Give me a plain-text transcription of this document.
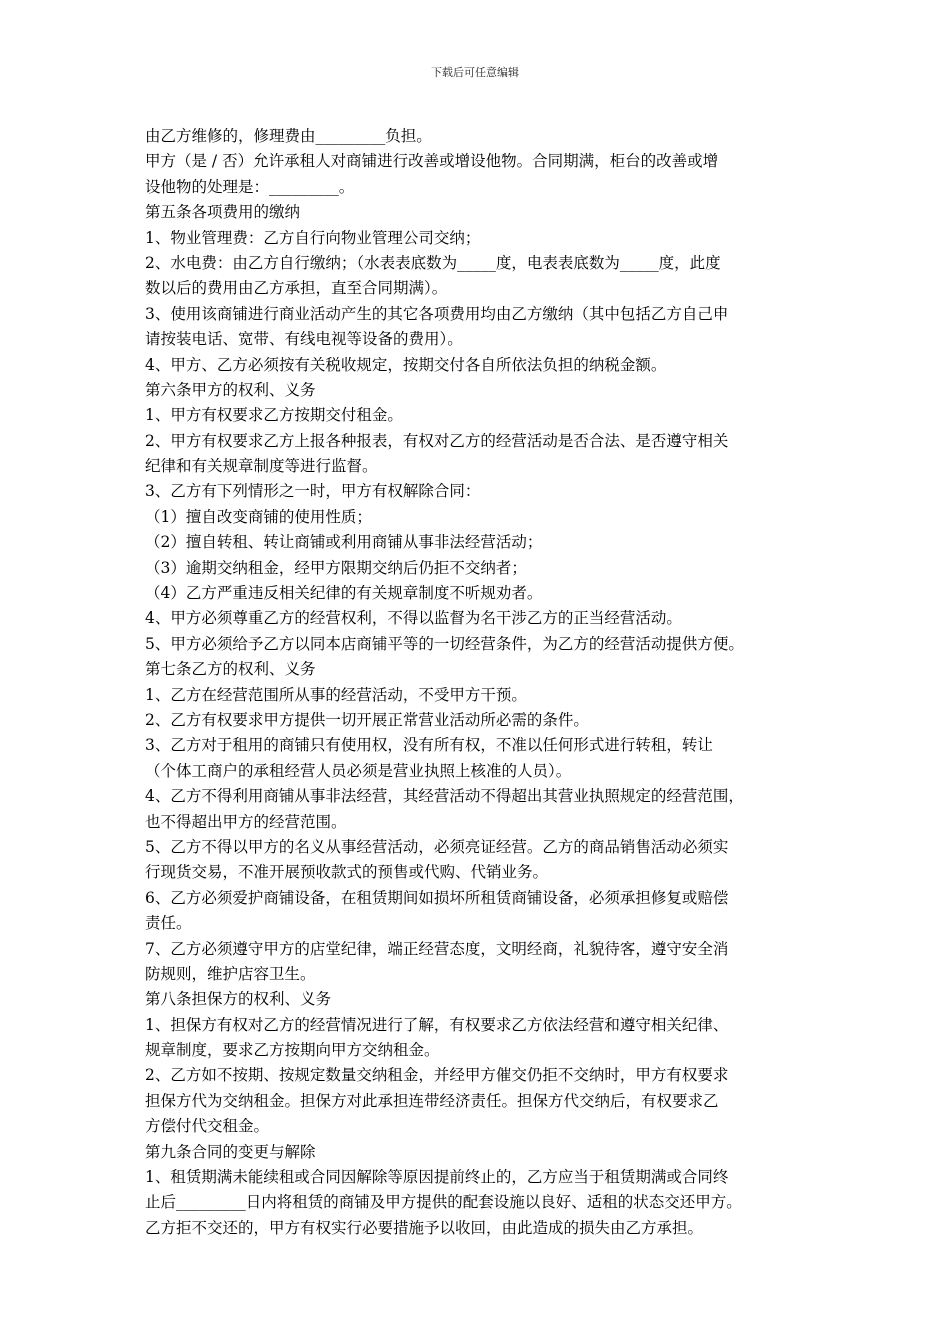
下载后可任意编辑
由乙方维修的，修理费由_________负担。
甲方（是 / 否）允许承租人对商铺进行改善或增设他物。合同期满，柜台的改善或增
设他物的处理是：_________。
第五条各项费用的缴纳
1、物业管理费：乙方自行向物业管理公司交纳；
2、水电费：由乙方自行缴纳；（水表表底数为_____度，电表表底数为_____度，此度
数以后的费用由乙方承担，直至合同期满）。
3、使用该商铺进行商业活动产生的其它各项费用均由乙方缴纳（其中包括乙方自己申
请按装电话、宽带、有线电视等设备的费用）。
4、甲方、乙方必须按有关税收规定，按期交付各自所依法负担的纳税金额。
第六条甲方的权利、义务
1、甲方有权要求乙方按期交付租金。
2、甲方有权要求乙方上报各种报表，有权对乙方的经营活动是否合法、是否遵守相关
纪律和有关规章制度等进行监督。
3、乙方有下列情形之一时，甲方有权解除合同：
（1）擅自改变商铺的使用性质；
（2）擅自转租、转让商铺或利用商铺从事非法经营活动；
（3）逾期交纳租金，经甲方限期交纳后仍拒不交纳者；
（4）乙方严重违反相关纪律的有关规章制度不听规劝者。
4、甲方必须尊重乙方的经营权利，不得以监督为名干涉乙方的正当经营活动。
5、甲方必须给予乙方以同本店商铺平等的一切经营条件，为乙方的经营活动提供方便。
第七条乙方的权利、义务
1、乙方在经营范围所从事的经营活动，不受甲方干预。
2、乙方有权要求甲方提供一切开展正常营业活动所必需的条件。
3、乙方对于租用的商铺只有使用权，没有所有权，不准以任何形式进行转租，转让
（个体工商户的承租经营人员必须是营业执照上核准的人员）。
4、乙方不得利用商铺从事非法经营，其经营活动不得超出其营业执照规定的经营范围，
也不得超出甲方的经营范围。
5、乙方不得以甲方的名义从事经营活动，必须亮证经营。乙方的商品销售活动必须实
行现货交易，不准开展预收款式的预售或代购、代销业务。
6、乙方必须爱护商铺设备，在租赁期间如损坏所租赁商铺设备，必须承担修复或赔偿
责任。
7、乙方必须遵守甲方的店堂纪律，端正经营态度，文明经商，礼貌待客，遵守安全消
防规则，维护店容卫生。
第八条担保方的权利、义务
1、担保方有权对乙方的经营情况进行了解，有权要求乙方依法经营和遵守相关纪律、
规章制度，要求乙方按期向甲方交纳租金。
2、乙方如不按期、按规定数量交纳租金，并经甲方催交仍拒不交纳时，甲方有权要求
担保方代为交纳租金。担保方对此承担连带经济责任。担保方代交纳后，有权要求乙
方偿付代交租金。
第九条合同的变更与解除
1、租赁期满未能续租或合同因解除等原因提前终止的，乙方应当于租赁期满或合同终
止后_________日内将租赁的商铺及甲方提供的配套设施以良好、适租的状态交还甲方。
乙方拒不交还的，甲方有权实行必要措施予以收回，由此造成的损失由乙方承担。
